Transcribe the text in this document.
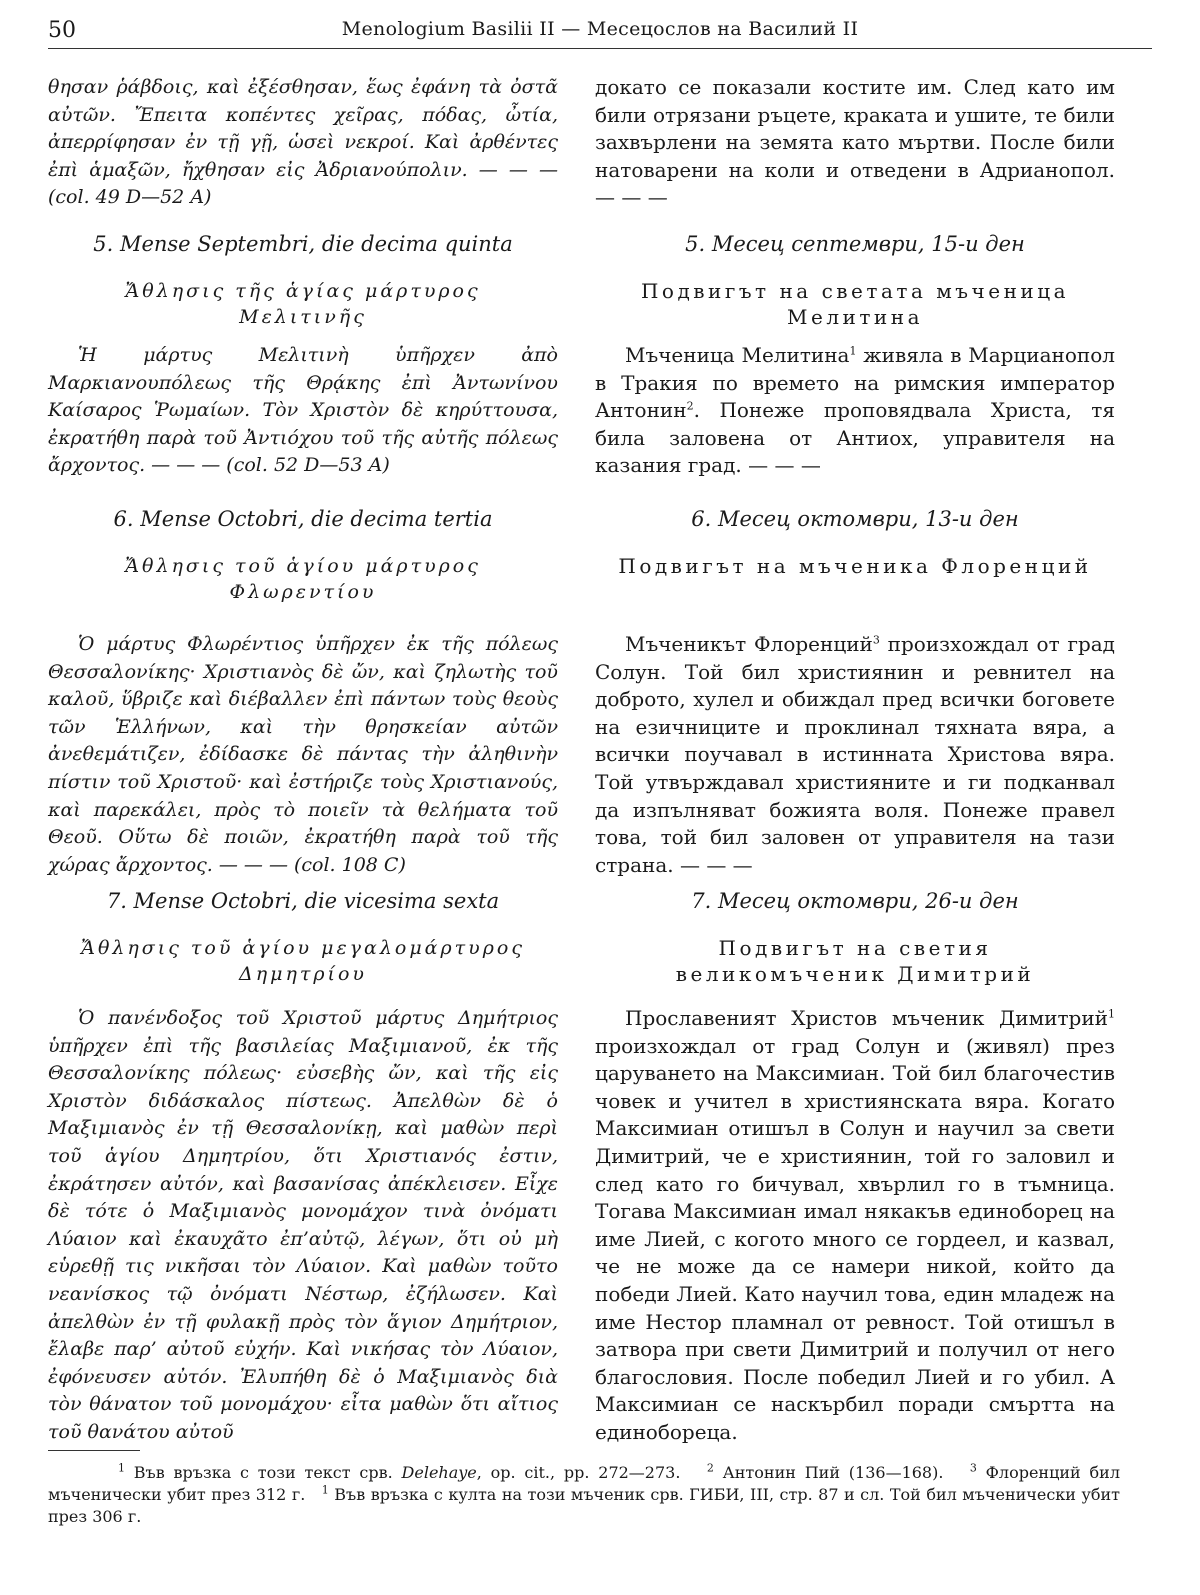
50	Menologium Basilii II — Месецослов на Василий II

θησαν ῥάβδοις, καὶ ἐξέσθησαν, ἕως ἐφάνη τὰ ὀστᾶ αὐτῶν. Ἔπειτα κοπέντες χεῖρας, πόδας, ὦτία, ἀπερρίφησαν ἐν τῇ γῇ, ὡσεὶ νεκροί. Καὶ ἀρθέντες ἐπὶ ἁμαξῶν, ἤχθησαν εἰς Ἀδριανούπολιν. — — — (col. 49 D—52 A)

5. Mense Septembri, die decima quinta

Ἄθλησις τῆς ἁγίας μάρτυρος

Μελιτινῆς

Ἡ μάρτυς Μελιτινὴ ὑπῆρχεν ἀπὸ Μαρκιανουπόλεως τῆς Θρᾴκης ἐπὶ Ἀντωνίνου Καίσαρος Ῥωμαίων. Τὸν Χριστὸν δὲ κηρύττουσα, ἐκρατήθη παρὰ τοῦ Ἀντιόχου τοῦ τῆς αὐτῆς πόλεως ἄρχοντος. — — — (col. 52 D—53 A)

6. Mense Octobri, die decima tertia

Ἄθλησις τοῦ ἁγίου μάρτυρος

Φλωρεντίου

Ὁ μάρτυς Φλωρέντιος ὑπῆρχεν ἐκ τῆς πόλεως Θεσσαλονίκης· Χριστιανὸς δὲ ὤν, καὶ ζηλωτὴς τοῦ καλοῦ, ὕβριζε καὶ διέβαλλεν ἐπὶ πάντων τοὺς θεοὺς τῶν Ἑλλήνων, καὶ τὴν θρησκείαν αὐτῶν ἀνεθεμάτιζεν, ἐδίδασκε δὲ πάντας τὴν ἀληθινὴν πίστιν τοῦ Χριστοῦ· καὶ ἐστήριζε τοὺς Χριστιανούς, καὶ παρεκάλει, πρὸς τὸ ποιεῖν τὰ θελήματα τοῦ Θεοῦ. Οὕτω δὲ ποιῶν, ἐκρατήθη παρὰ τοῦ τῆς χώρας ἄρχοντος. — — — (col. 108 C)

7. Mense Octobri, die vicesima sexta

Ἄθλησις τοῦ ἁγίου μεγαλομάρτυρος

Δημητρίου

Ὁ πανένδοξος τοῦ Χριστοῦ μάρτυς Δημήτριος ὑπῆρχεν ἐπὶ τῆς βασιλείας Μαξιμιανοῦ, ἐκ τῆς Θεσσαλονίκης πόλεως· εὐσεβὴς ὤν, καὶ τῆς εἰς Χριστὸν διδάσκαλος πίστεως. Ἀπελθὼν δὲ ὁ Μαξιμιανὸς ἐν τῇ Θεσσαλονίκῃ, καὶ μαθὼν περὶ τοῦ ἁγίου Δημητρίου, ὅτι Χριστιανός ἐστιν, ἐκράτησεν αὐτόν, καὶ βασανίσας ἀπέκλεισεν. Εἶχε δὲ τότε ὁ Μαξιμιανὸς μονομάχον τινὰ ὀνόματι Λύαιον καὶ ἐκαυχᾶτο ἐπ’αὐτῷ, λέγων, ὅτι οὐ μὴ εὑρεθῇ τις νικῆσαι τὸν Λύαιον. Καὶ μαθὼν τοῦτο νεανίσκος τῷ ὀνόματι Νέστωρ, ἐζήλωσεν. Καὶ ἀπελθὼν ἐν τῇ φυλακῇ πρὸς τὸν ἅγιον Δημήτριον, ἔλαβε παρ’ αὐτοῦ εὐχήν. Καὶ νικήσας τὸν Λύαιον, ἐφόνευσεν αὐτόν. Ἐλυπήθη δὲ ὁ Μαξιμιανὸς διὰ τὸν θάνατον τοῦ μονομάχου· εἶτα μαθὼν ὅτι αἴτιος τοῦ θανάτου αὐτοῦ

докато се показали костите им. След като им били отрязани ръцете, краката и ушите, те били захвърлени на земята като мъртви. После били натоварени на коли и отведени в Адрианопол. — — —

5. Месец септември, 15-и ден

Подвигът на светата мъченица

Мелитина

Мъченица Мелитина$^1$ живяла в Марцианопол в Тракия по времето на римския император Антонин$^2$. Понеже проповядвала Христа, тя била заловена от Антиох, управителя на казания град. — — —

6. Месец октомври, 13-и ден

Подвигът на мъченика Флоренций

Мъченикът Флоренций$^3$ произхождал от град Солун. Той бил християнин и ревнител на доброто, хулел и обиждал пред всички боговете на езичниците и проклинал тяхната вяра, а всички поучавал в истинната Христова вяра. Той утвърждавал християните и ги подканвал да изпълняват божията воля. Понеже правел това, той бил заловен от управителя на тази страна. — — —

7. Месец октомври, 26-и ден

Подвигът на светия

великомъченик Димитрий

Прославеният Христов мъченик Димитрий$^1$ произхождал от град Солун и (живял) през царуването на Максимиан. Той бил благочестив човек и учител в християнската вяра. Когато Максимиан отишъл в Солун и научил за свети Димитрий, че е християнин, той го заловил и след като го бичувал, хвърлил го в тъмница. Тогава Максимиан имал някакъв единоборец на име Лией, с когото много се гордеел, и казвал, че не може да се намери никой, който да победи Лией. Като научил това, един младеж на име Нестор пламнал от ревност. Той отишъл в затвора при свети Димитрий и получил от него благословия. После победил Лией и го убил. А Максимиан се наскърбил поради смъртта на единобореца.

$^1$ Във връзка с този текст срв. Delehaye, op. cit., pp. 272—273. $^2$ Антонин Пий (136—168). $^3$ Флоренций бил мъченически убит през 312 г. $^1$ Във връзка с култа на този мъченик срв. ГИБИ, III, стр. 87 и сл. Той бил мъченически убит през 306 г.
